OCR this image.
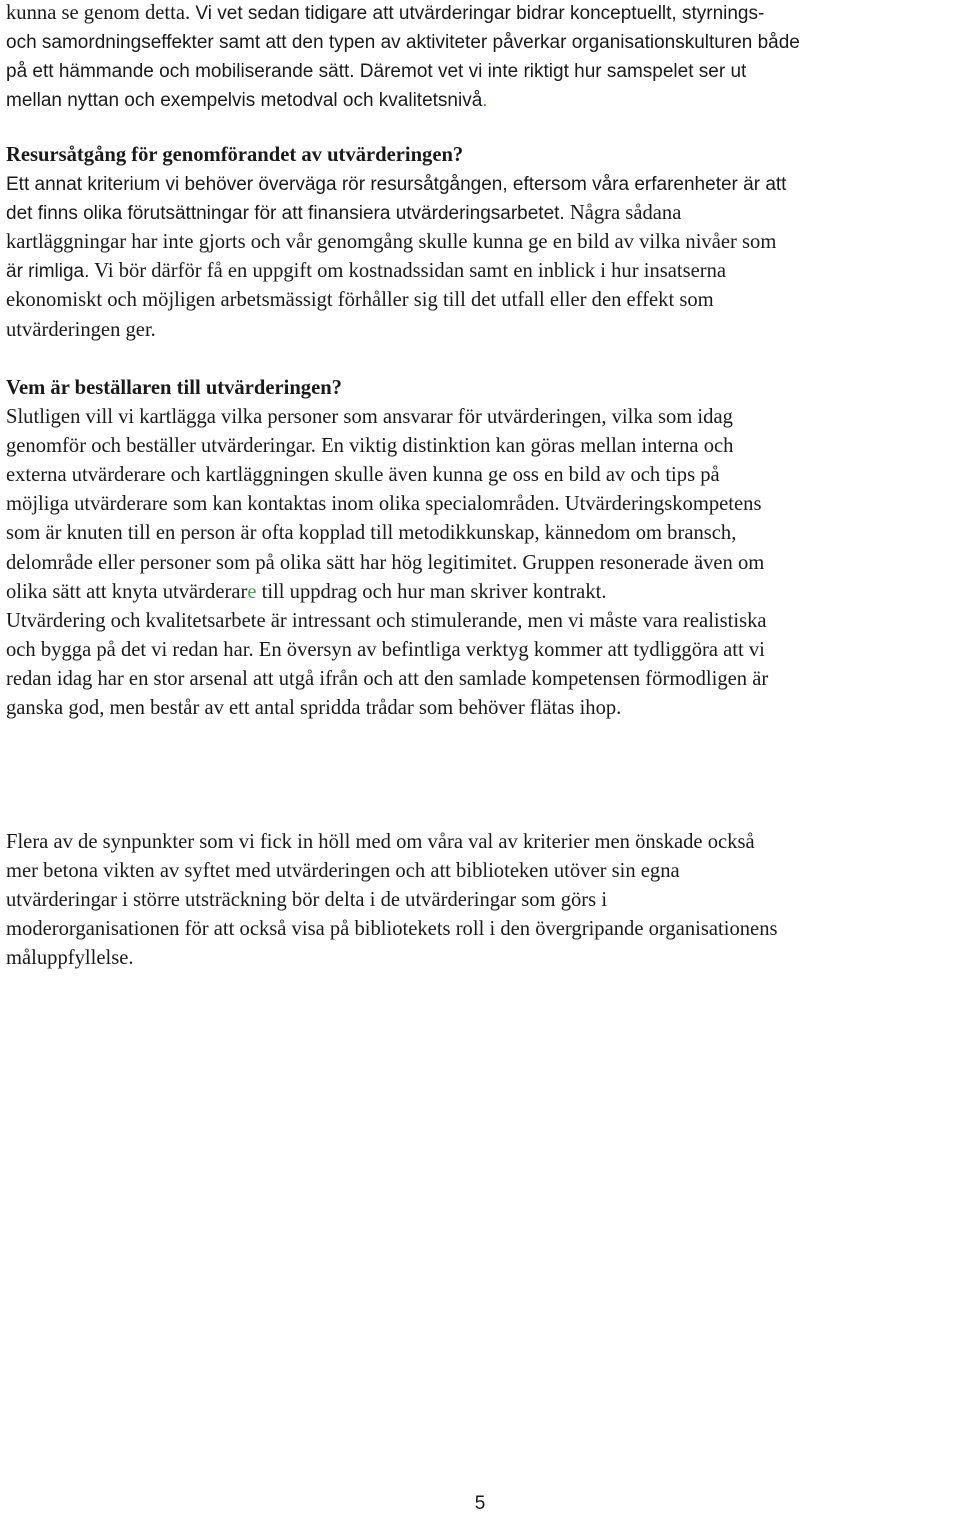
kunna se genom detta. Vi vet sedan tidigare att utvärderingar bidrar konceptuellt, styrnings-
och samordningseffekter samt att den typen av aktiviteter påverkar organisationskulturen både
på ett hämmande och mobiliserande sätt. Däremot vet vi inte riktigt hur samspelet ser ut
mellan nyttan och exempelvis metodval och kvalitetsnivå.
Resursåtgång för genomförandet av utvärderingen?
Ett annat kriterium vi behöver överväga rör resursåtgången, eftersom våra erfarenheter är att
det finns olika förutsättningar för att finansiera utvärderingsarbetet. Några sådana
kartläggningar har inte gjorts och vår genomgång skulle kunna ge en bild av vilka nivåer som
är rimliga. Vi bör därför få en uppgift om kostnadssidan samt en inblick i hur insatserna
ekonomiskt och möjligen arbetsmässigt förhåller sig till det utfall eller den effekt som
utvärderingen ger.
Vem är beställaren till utvärderingen?
Slutligen vill vi kartlägga vilka personer som ansvarar för utvärderingen, vilka som idag
genomför och beställer utvärderingar. En viktig distinktion kan göras mellan interna och
externa utvärderare och kartläggningen skulle även kunna ge oss en bild av och tips på
möjliga utvärderare som kan kontaktas inom olika specialområden. Utvärderingskompetens
som är knuten till en person är ofta kopplad till metodikkunskap, kännedom om bransch,
delområde eller personer som på olika sätt har hög legitimitet. Gruppen resonerade även om
olika sätt att knyta utvärderare till uppdrag och hur man skriver kontrakt.
Utvärdering och kvalitetsarbete är intressant och stimulerande, men vi måste vara realistiska
och bygga på det vi redan har. En översyn av befintliga verktyg kommer att tydliggöra att vi
redan idag har en stor arsenal att utgå ifrån och att den samlade kompetensen förmodligen är
ganska god, men består av ett antal spridda trådar som behöver flätas ihop.
Flera av de synpunkter som vi fick in höll med om våra val av kriterier men önskade också
mer betona vikten av syftet med utvärderingen och att biblioteken utöver sin egna
utvärderingar i större utsträckning bör delta i de utvärderingar som görs i
moderorganisationen för att också visa på bibliotekets roll i den övergripande organisationens
måluppfyllelse.
5
